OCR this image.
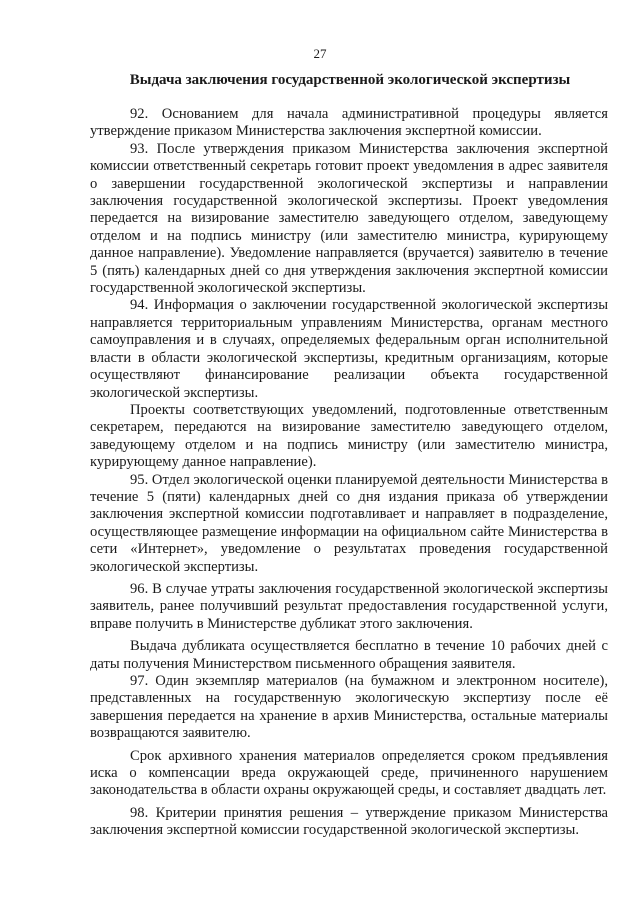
27
Выдача заключения государственной экологической экспертизы

92. Основанием для начала административной процедуры является утверждение приказом Министерства заключения экспертной комиссии.

93. После утверждения приказом Министерства заключения экспертной комиссии ответственный секретарь готовит проект уведомления в адрес заявителя о завершении государственной экологической экспертизы и направлении заключения государственной экологической экспертизы. Проект уведомления передается на визирование заместителю заведующего отделом, заведующему отделом и на подпись министру (или заместителю министра, курирующему данное направление). Уведомление направляется (вручается) заявителю в течение 5 (пять) календарных дней со дня утверждения заключения экспертной комиссии государственной экологической экспертизы.

94. Информация о заключении государственной экологической экспертизы направляется территориальным управлениям Министерства, органам местного самоуправления и в случаях, определяемых федеральным орган исполнительной власти в области экологической экспертизы, кредитным организациям, которые осуществляют финансирование реализации объекта государственной экологической экспертизы.

Проекты соответствующих уведомлений, подготовленные ответственным секретарем, передаются на визирование заместителю заведующего отделом, заведующему отделом и на подпись министру (или заместителю министра, курирующему данное направление).

95. Отдел экологической оценки планируемой деятельности Министерства в течение 5 (пяти) календарных дней со дня издания приказа об утверждении заключения экспертной комиссии подготавливает и направляет в подразделение, осуществляющее размещение информации на официальном сайте Министерства в сети «Интернет», уведомление о результатах проведения государственной экологической экспертизы.

96. В случае утраты заключения государственной экологической экспертизы заявитель, ранее получивший результат предоставления государственной услуги, вправе получить в Министерстве дубликат этого заключения.

Выдача дубликата осуществляется бесплатно в течение 10 рабочих дней с даты получения Министерством письменного обращения заявителя.

97. Один экземпляр материалов (на бумажном и электронном носителе), представленных на государственную экологическую экспертизу после её завершения передается на хранение в архив Министерства, остальные материалы возвращаются заявителю.

Срок архивного хранения материалов определяется сроком предъявления иска о компенсации вреда окружающей среде, причиненного нарушением законодательства в области охраны окружающей среды, и составляет двадцать лет.

98. Критерии принятия решения – утверждение приказом Министерства заключения экспертной комиссии государственной экологической экспертизы.
